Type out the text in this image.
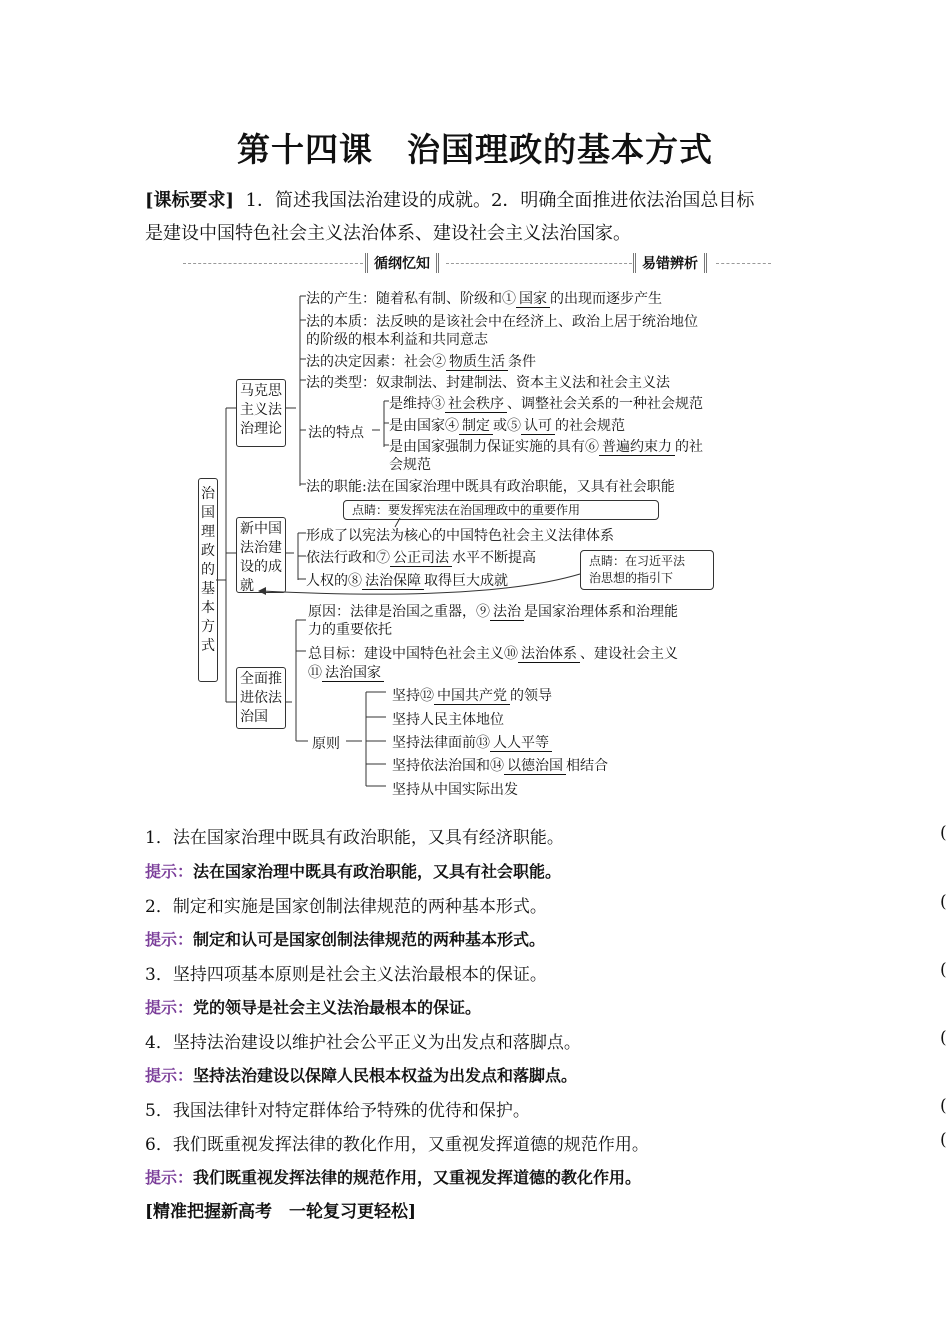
第十四课　治国理政的基本方式
[课标要求] 1．简述我国法治建设的成就。2．明确全面推进依法治国总目标
是建设中国特色社会主义法治体系、建设社会主义法治国家。
循纲忆知	易错辨析
治国理政的基本方式
马克思主义法治理论
新中国法治建设的成就
全面推进依法治国
法的产生：随着私有制、阶级和① 国家 的出现而逐步产生
法的本质：法反映的是该社会中在经济上、政治上居于统治地位
的阶级的根本利益和共同意志
法的决定因素：社会② 物质生活 条件
法的类型：奴隶制法、封建制法、资本主义法和社会主义法
法的特点
是维持③ 社会秩序 、调整社会关系的一种社会规范
是由国家④ 制定 或⑤ 认可 的社会规范
是由国家强制力保证实施的具有⑥ 普遍约束力 的社
会规范
法的职能:法在国家治理中既具有政治职能，又具有社会职能
点睛：要发挥宪法在治国理政中的重要作用
点睛：在习近平法
治思想的指引下
形成了以宪法为核心的中国特色社会主义法律体系
依法行政和⑦ 公正司法 水平不断提高
人权的⑧ 法治保障 取得巨大成就
原因：法律是治国之重器，⑨ 法治 是国家治理体系和治理能
力的重要依托
总目标：建设中国特色社会主义⑩ 法治体系 、建设社会主义
⑪ 法治国家
原则
坚持⑫ 中国共产党 的领导
坚持人民主体地位
坚持法律面前⑬ 人人平等
坚持依法治国和⑭ 以德治国 相结合
坚持从中国实际出发
1．法在国家治理中既具有政治职能，又具有经济职能。	(
提示：法在国家治理中既具有政治职能，又具有社会职能。
2．制定和实施是国家创制法律规范的两种基本形式。	(
提示：制定和认可是国家创制法律规范的两种基本形式。
3．坚持四项基本原则是社会主义法治最根本的保证。	(
提示：党的领导是社会主义法治最根本的保证。
4．坚持法治建设以维护社会公平正义为出发点和落脚点。	(
提示：坚持法治建设以保障人民根本权益为出发点和落脚点。
5．我国法律针对特定群体给予特殊的优待和保护。	(
6．我们既重视发挥法律的教化作用，又重视发挥道德的规范作用。	(
提示：我们既重视发挥法律的规范作用，又重视发挥道德的教化作用。
[精准把握新高考　一轮复习更轻松]
